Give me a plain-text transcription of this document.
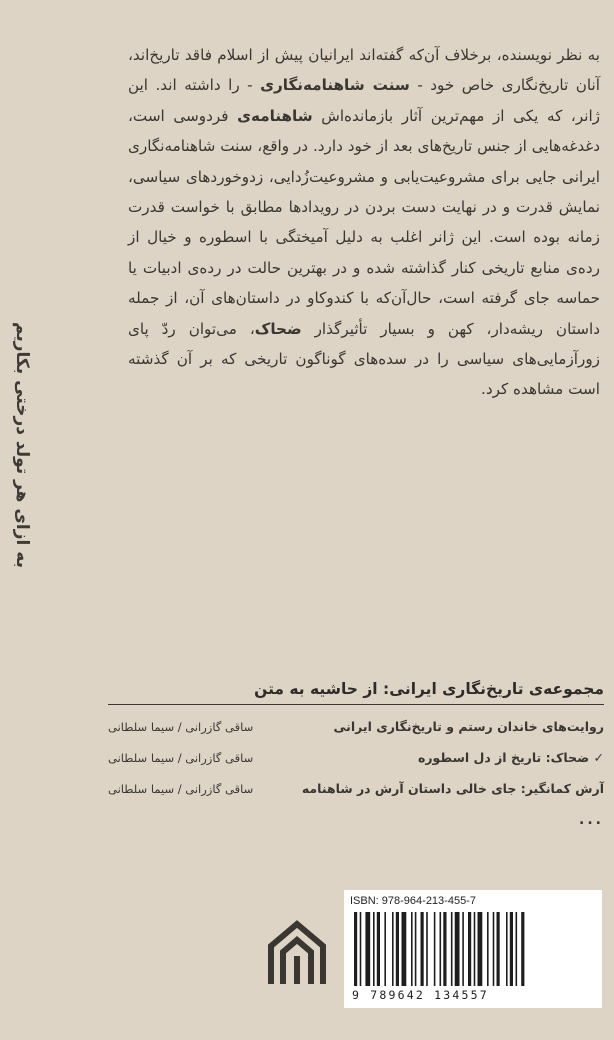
به ازای هر تولد درختی بکاریم

به نظر نویسنده، برخلاف آن‌که گفته‌اند ایرانیان پیش از اسلام فاقد تاریخ‌اند، آنان تاریخ‌نگاری خاص خود - سنت شاهنامه‌نگاری - را داشته اند. این ژانر، که یکی از مهم‌ترین آثار بازمانده‌اش شاهنامه‌ی فردوسی است، دغدغه‌هایی از جنس تاریخ‌های بعد از خود دارد. در واقع، سنت شاهنامه‌نگاری ایرانی جایی برای مشروعیت‌یابی و مشروعیت‌زُدایی، زدوخوردهای سیاسی، نمایش قدرت و در نهایت دست بردن در رویدادها مطابق با خواست قدرت زمانه بوده است. این ژانر اغلب به دلیل آمیختگی با اسطوره و خیال از رده‌ی منابع تاریخی کنار گذاشته شده و در بهترین حالت در رده‌ی ادبیات یا حماسه جای گرفته است، حال‌آن‌که با کندوکاو در داستان‌های آن، از جمله داستان ریشه‌دار، کهن و بسیار تأثیرگذار ضحاک، می‌توان ردّ پای زورآزمایی‌های سیاسی را در سده‌های گوناگون تاریخی که بر آن گذشته است مشاهده کرد.

مجموعه‌ی تاریخ‌نگاری ایرانی: از حاشیه به متن
روایت‌های خاندان رستم و تاریخ‌نگاری ایرانی
ساقی گازرانی / سیما سلطانی
✓ ضحاک: تاریخ از دل اسطوره
ساقی گازرانی / سیما سلطانی
آرش کمانگیر: جای خالی داستان آرش در شاهنامه
ساقی گازرانی / سیما سلطانی
...
ISBN: 978-964-213-455-7
9 789642 134557
